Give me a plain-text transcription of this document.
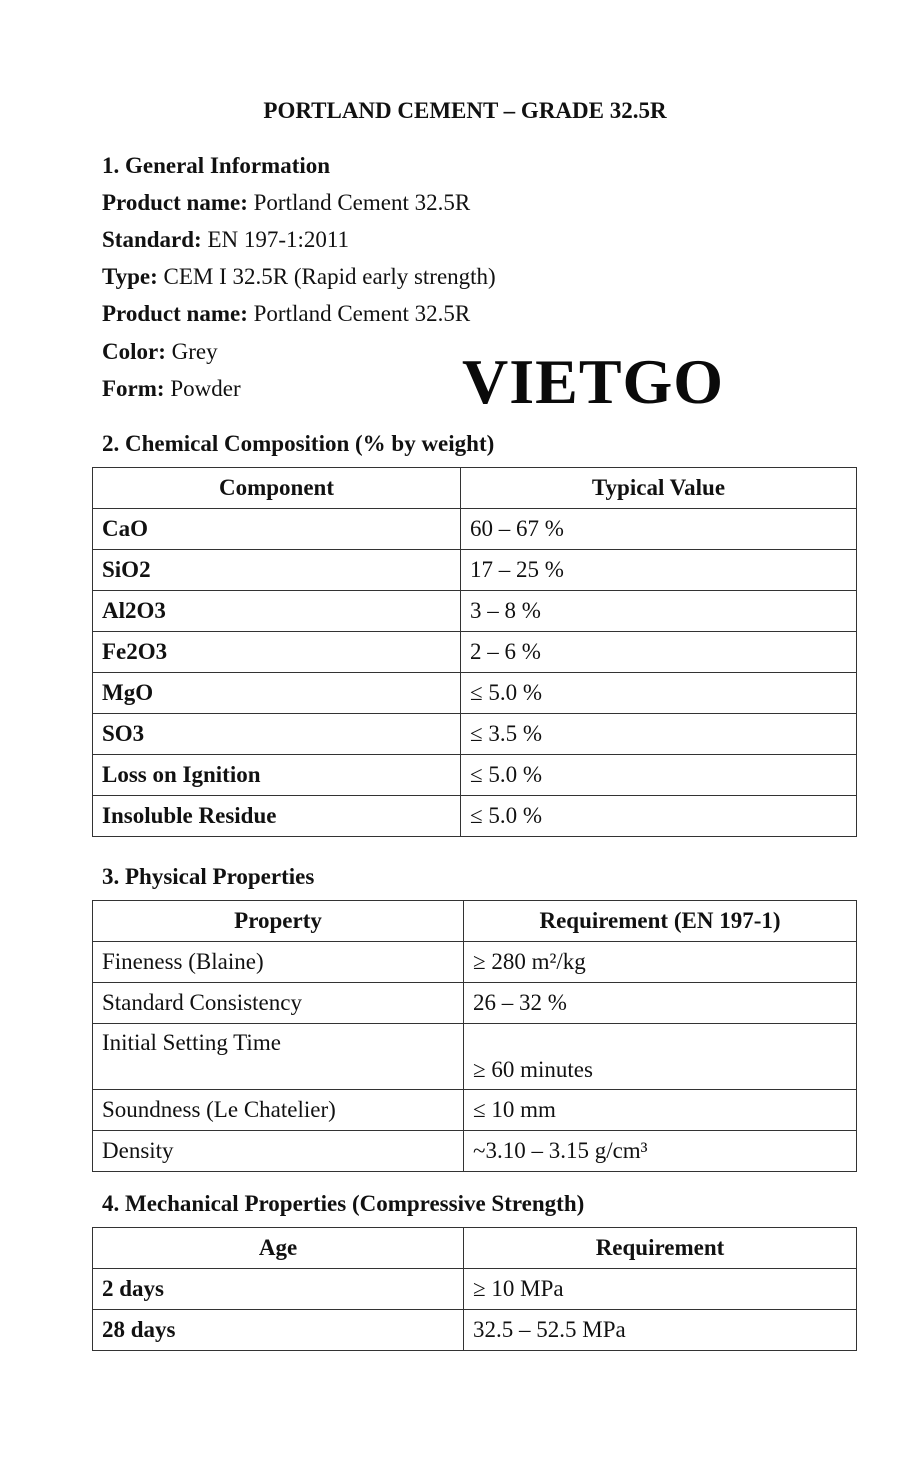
PORTLAND CEMENT – GRADE 32.5R
1. General Information
Product name: Portland Cement 32.5R
Standard: EN 197-1:2011
Type: CEM I 32.5R (Rapid early strength)
Product name: Portland Cement 32.5R
Color: Grey
Form: Powder	VIETGO
2. Chemical Composition (% by weight)
Component	Typical Value
CaO	60 – 67 %
SiO2	17 – 25 %
Al2O3	3 – 8 %
Fe2O3	2 – 6 %
MgO	≤ 5.0 %
SO3	≤ 3.5 %
Loss on Ignition	≤ 5.0 %
Insoluble Residue	≤ 5.0 %
3. Physical Properties
Property	Requirement (EN 197-1)
Fineness (Blaine)	≥ 280 m²/kg
Standard Consistency	26 – 32 %
Initial Setting Time	≥ 60 minutes
Soundness (Le Chatelier)	≤ 10 mm
Density	~3.10 – 3.15 g/cm³
4. Mechanical Properties (Compressive Strength)
Age	Requirement
2 days	≥ 10 MPa
28 days	32.5 – 52.5 MPa
